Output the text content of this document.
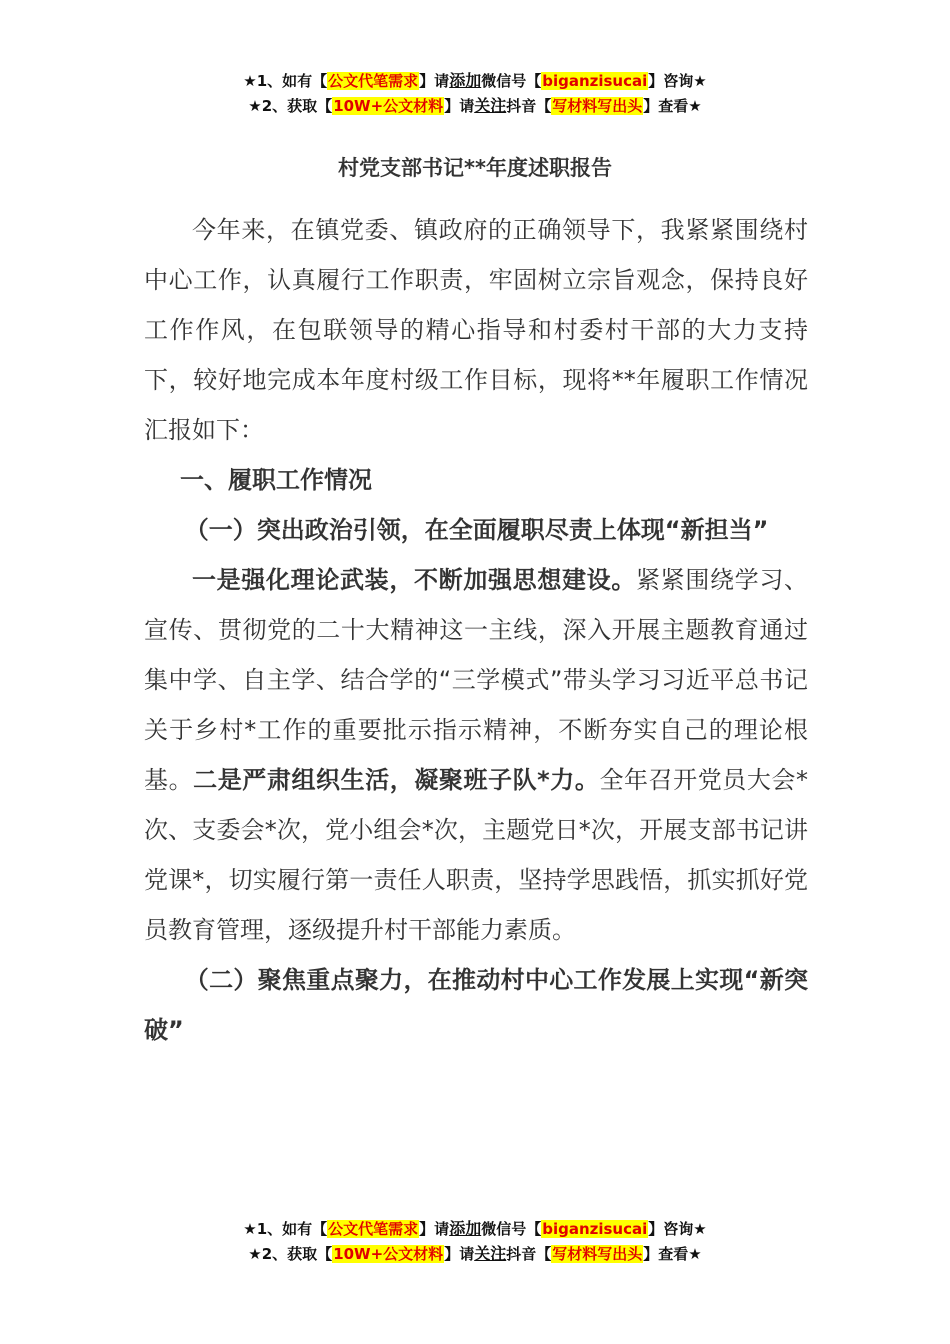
★1、如有【公文代笔需求】请添加微信号【biganzisucai】咨询★
★2、获取【10W+公文材料】请关注抖音【写材料写出头】查看★
村党支部书记**年度述职报告

今年来，在镇党委、镇政府的正确领导下，我紧紧围绕村中心工作，认真履行工作职责，牢固树立宗旨观念，保持良好工作作风，在包联领导的精心指导和村委村干部的大力支持下，较好地完成本年度村级工作目标，现将**年履职工作情况汇报如下：

一、履职工作情况

（一）突出政治引领，在全面履职尽责上体现“新担当”

一是强化理论武装，不断加强思想建设。紧紧围绕学习、宣传、贯彻党的二十大精神这一主线，深入开展主题教育通过集中学、自主学、结合学的“三学模式”带头学习习近平总书记关于乡村*工作的重要批示指示精神，不断夯实自己的理论根基。二是严肃组织生活，凝聚班子队*力。全年召开党员大会*次、支委会*次，党小组会*次，主题党日*次，开展支部书记讲党课*，切实履行第一责任人职责，坚持学思践悟，抓实抓好党员教育管理，逐级提升村干部能力素质。

（二）聚焦重点聚力，在推动村中心工作发展上实现“新突破”

★1、如有【公文代笔需求】请添加微信号【biganzisucai】咨询★
★2、获取【10W+公文材料】请关注抖音【写材料写出头】查看★
